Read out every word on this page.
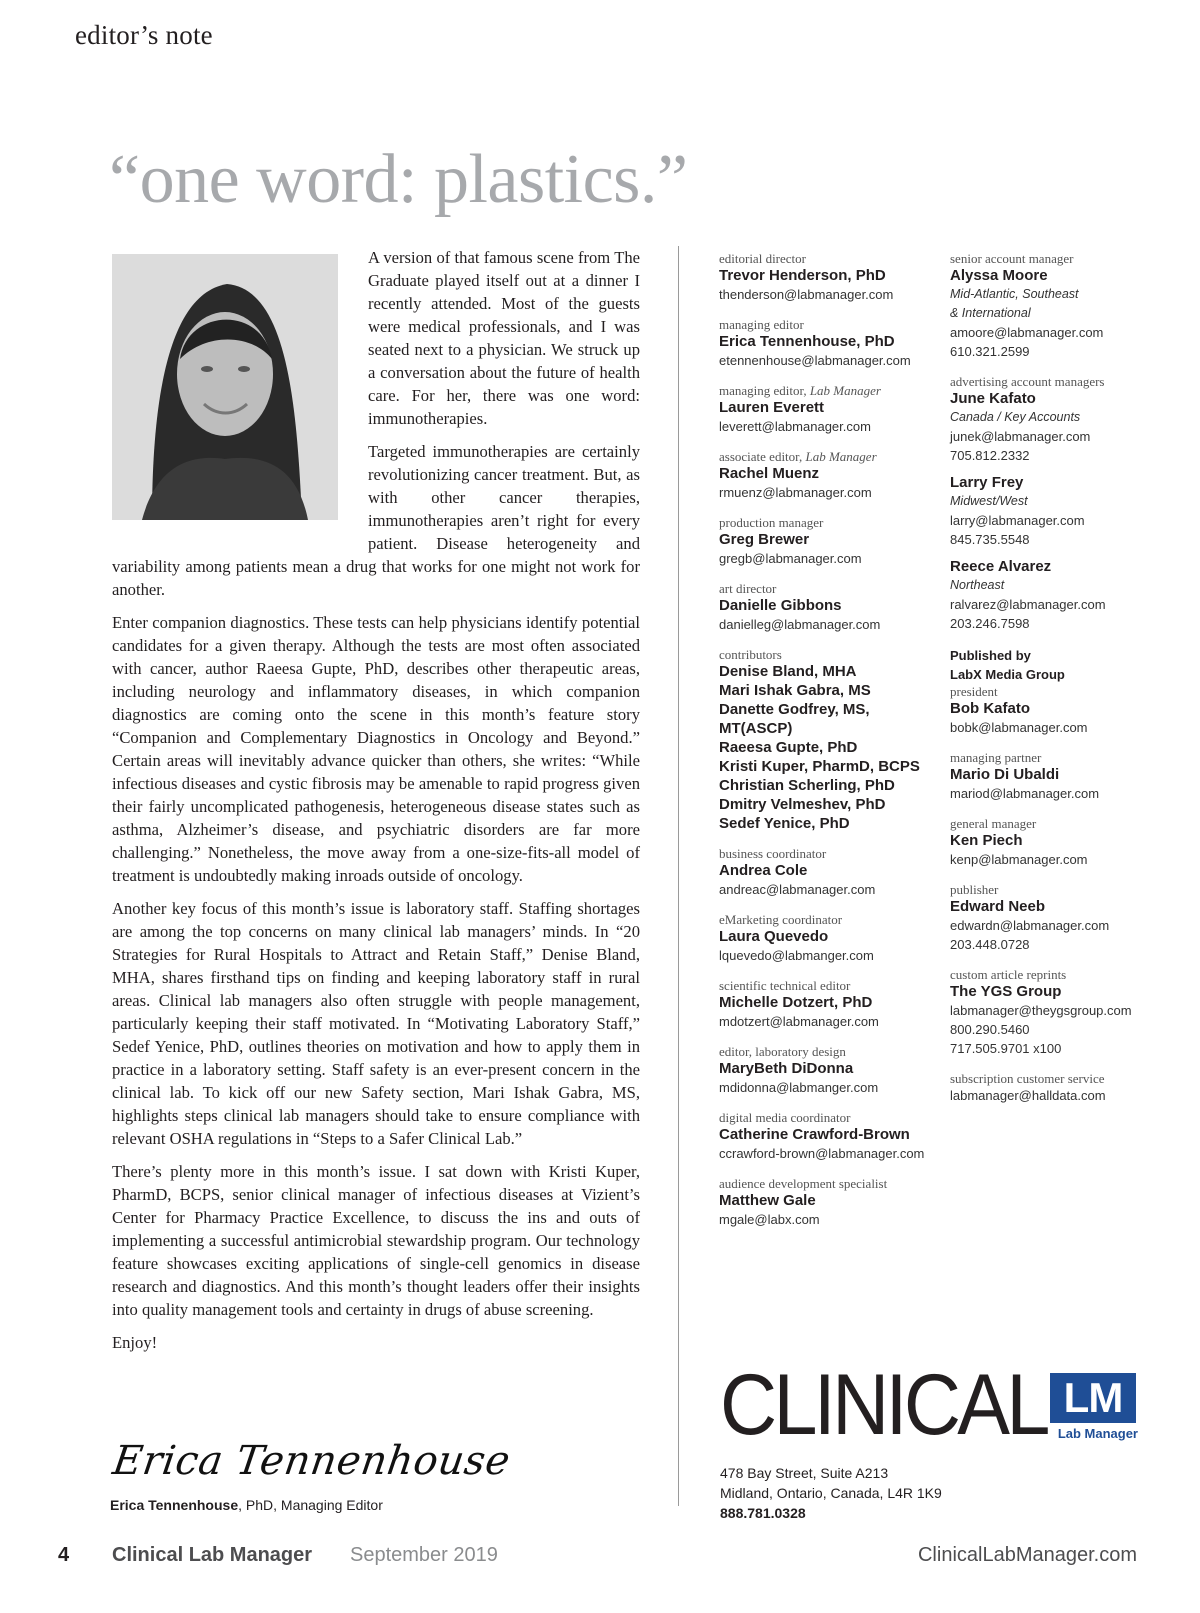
editor’s note
“one word: plastics.”

A version of that famous scene from The Graduate played itself out at a dinner I recently attended. Most of the guests were medical professionals, and I was seated next to a physician. We struck up a conversation about the future of health care. For her, there was one word: immunotherapies.

Targeted immunotherapies are certainly revolutionizing cancer treatment. But, as with other cancer therapies, immunotherapies aren’t right for every patient. Disease heterogeneity and variability among patients mean a drug that works for one might not work for another.

Enter companion diagnostics. These tests can help physicians identify potential candidates for a given therapy. Although the tests are most often associated with cancer, author Raeesa Gupte, PhD, describes other therapeutic areas, including neurology and inflammatory diseases, in which companion diagnostics are coming onto the scene in this month’s feature story “Companion and Complementary Diagnostics in Oncology and Beyond.” Certain areas will inevitably advance quicker than others, she writes: “While infectious diseases and cystic fibrosis may be amenable to rapid progress given their fairly uncomplicated pathogenesis, heterogeneous disease states such as asthma, Alzheimer’s disease, and psychiatric disorders are far more challenging.” Nonetheless, the move away from a one-size-fits-all model of treatment is undoubtedly making inroads outside of oncology.

Another key focus of this month’s issue is laboratory staff. Staffing shortages are among the top concerns on many clinical lab managers’ minds. In “20 Strategies for Rural Hospitals to Attract and Retain Staff,” Denise Bland, MHA, shares firsthand tips on finding and keeping laboratory staff in rural areas. Clinical lab managers also often struggle with people management, particularly keeping their staff motivated. In “Motivating Laboratory Staff,” Sedef Yenice, PhD, outlines theories on motivation and how to apply them in practice in a laboratory setting. Staff safety is an ever-present concern in the clinical lab. To kick off our new Safety section, Mari Ishak Gabra, MS, highlights steps clinical lab managers should take to ensure compliance with relevant OSHA regulations in “Steps to a Safer Clinical Lab.”

There’s plenty more in this month’s issue. I sat down with Kristi Kuper, PharmD, BCPS, senior clinical manager of infectious diseases at Vizient’s Center for Pharmacy Practice Excellence, to discuss the ins and outs of implementing a successful antimicrobial stewardship program. Our technology feature showcases exciting applications of single-cell genomics in disease research and diagnostics. And this month’s thought leaders offer their insights into quality management tools and certainty in drugs of abuse screening.

Enjoy!

editorial director
Trevor Henderson, PhD
thenderson@labmanager.com
managing editor
Erica Tennenhouse, PhD
etennenhouse@labmanager.com
managing editor, Lab Manager
Lauren Everett
leverett@labmanager.com
associate editor, Lab Manager
Rachel Muenz
rmuenz@labmanager.com
production manager
Greg Brewer
gregb@labmanager.com
art director
Danielle Gibbons
danielleg@labmanager.com
contributors
Denise Bland, MHA
Mari Ishak Gabra, MS
Danette Godfrey, MS, MT(ASCP)
Raeesa Gupte, PhD
Kristi Kuper, PharmD, BCPS
Christian Scherling, PhD
Dmitry Velmeshev, PhD
Sedef Yenice, PhD
business coordinator
Andrea Cole
andreac@labmanager.com
eMarketing coordinator
Laura Quevedo
lquevedo@labmanger.com
scientific technical editor
Michelle Dotzert, PhD
mdotzert@labmanager.com
editor, laboratory design
MaryBeth DiDonna
mdidonna@labmanger.com
digital media coordinator
Catherine Crawford-Brown
ccrawford-brown@labmanager.com
audience development specialist
Matthew Gale
mgale@labx.com
senior account manager
Alyssa Moore
Mid-Atlantic, Southeast
& International
amoore@labmanager.com
610.321.2599
advertising account managers
June Kafato
Canada / Key Accounts
junek@labmanager.com
705.812.2332
Larry Frey
Midwest/West
larry@labmanager.com
845.735.5548
Reece Alvarez
Northeast
ralvarez@labmanager.com
203.246.7598
Published by
LabX Media Group
president
Bob Kafato
bobk@labmanager.com
managing partner
Mario Di Ubaldi
mariod@labmanager.com
general manager
Ken Piech
kenp@labmanager.com
publisher
Edward Neeb
edwardn@labmanager.com
203.448.0728
custom article reprints
The YGS Group
labmanager@theygsgroup.com
800.290.5460
717.505.9701 x100
subscription customer service
labmanager@halldata.com
CLINICAL LM
Lab Manager
478 Bay Street, Suite A213
Midland, Ontario, Canada, L4R 1K9
888.781.0328
Erica Tennenhouse
Erica Tennenhouse, PhD, Managing Editor
4 Clinical Lab Manager September 2019	ClinicalLabManager.com
